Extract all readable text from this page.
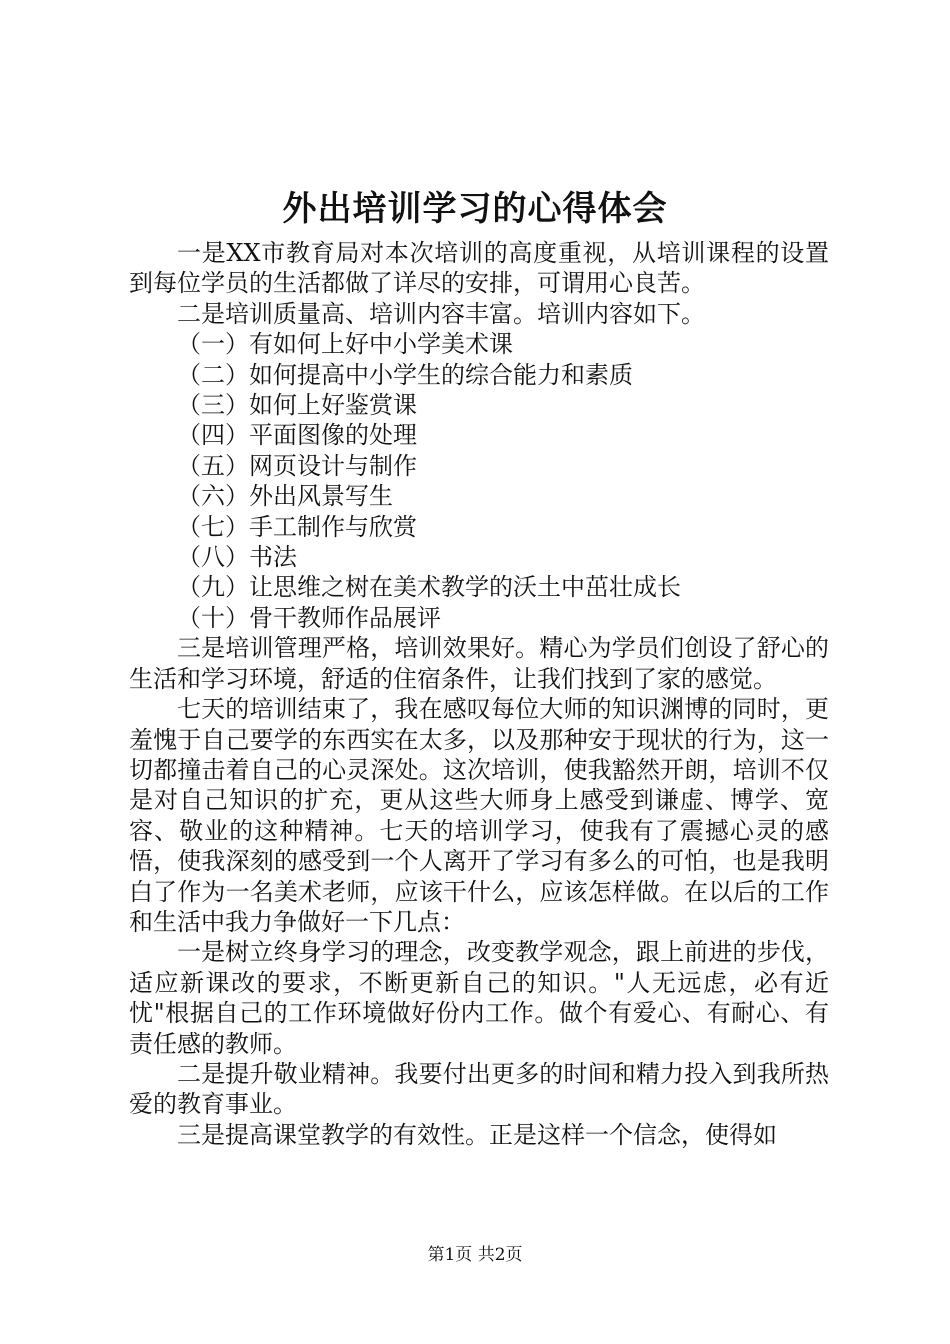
外出培训学习的心得体会

一是XX市教育局对本次培训的高度重视，从培训课程的设置到每位学员的生活都做了详尽的安排，可谓用心良苦。

二是培训质量高、培训内容丰富。培训内容如下。

（一）有如何上好中小学美术课

（二）如何提高中小学生的综合能力和素质

（三）如何上好鉴赏课

（四）平面图像的处理

（五）网页设计与制作

（六）外出风景写生

（七）手工制作与欣赏

（八）书法

（九）让思维之树在美术教学的沃土中茁壮成长

（十）骨干教师作品展评

三是培训管理严格，培训效果好。精心为学员们创设了舒心的生活和学习环境，舒适的住宿条件，让我们找到了家的感觉。

七天的培训结束了，我在感叹每位大师的知识渊博的同时，更羞愧于自己要学的东西实在太多，以及那种安于现状的行为，这一切都撞击着自己的心灵深处。这次培训，使我豁然开朗，培训不仅是对自己知识的扩充，更从这些大师身上感受到谦虚、博学、宽容、敬业的这种精神。七天的培训学习，使我有了震撼心灵的感悟，使我深刻的感受到一个人离开了学习有多么的可怕，也是我明白了作为一名美术老师，应该干什么，应该怎样做。在以后的工作和生活中我力争做好一下几点：

一是树立终身学习的理念，改变教学观念，跟上前进的步伐，适应新课改的要求，不断更新自己的知识。"人无远虑，必有近忧"根据自己的工作环境做好份内工作。做个有爱心、有耐心、有责任感的教师。

二是提升敬业精神。我要付出更多的时间和精力投入到我所热爱的教育事业。

三是提高课堂教学的有效性。正是这样一个信念，使得如

第1页 共2页
